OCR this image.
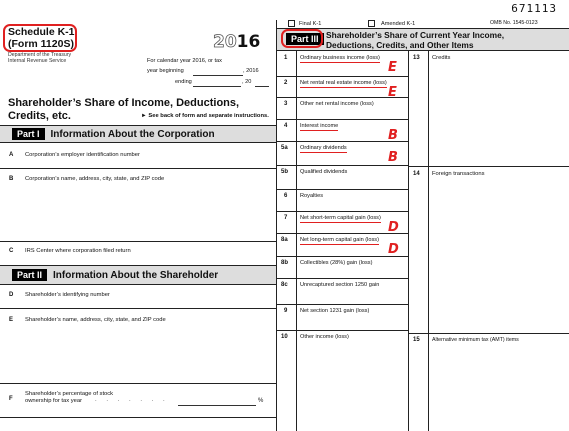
671113
Schedule K-1
(Form 1120S)
Department of the Treasury
Internal Revenue Service
2016
For calendar year 2016, or tax
year beginning	, 2016
ending	, 20
Shareholder’s Share of Income, Deductions,
Credits, etc.	► See back of form and separate instructions.
Part I	Information About the Corporation
A Corporation’s employer identification number
B Corporation’s name, address, city, state, and ZIP code
C IRS Center where corporation filed return
Part II	Information About the Shareholder
D Shareholder’s identifying number
E Shareholder’s name, address, city, state, and ZIP code
F
Shareholder’s percentage of stock
ownership for tax year . . . . . . .	%
Final K-1	Amended K-1	OMB No. 1545-0123
Part III Shareholder’s Share of Current Year Income,
Deductions, Credits, and Other Items
1 Ordinary business income (loss)
E
2 Net rental real estate income (loss)
E
3 Other net rental income (loss)
4 Interest income
B
5a Ordinary dividends
B
5b Qualified dividends
6 Royalties
7 Net short-term capital gain (loss)
D
8a Net long-term capital gain (loss)
D
8b Collectibles (28%) gain (loss)
8c Unrecaptured section 1250 gain
9 Net section 1231 gain (loss)
10 Other income (loss)
13 Credits
14 Foreign transactions
15 Alternative minimum tax (AMT) items
